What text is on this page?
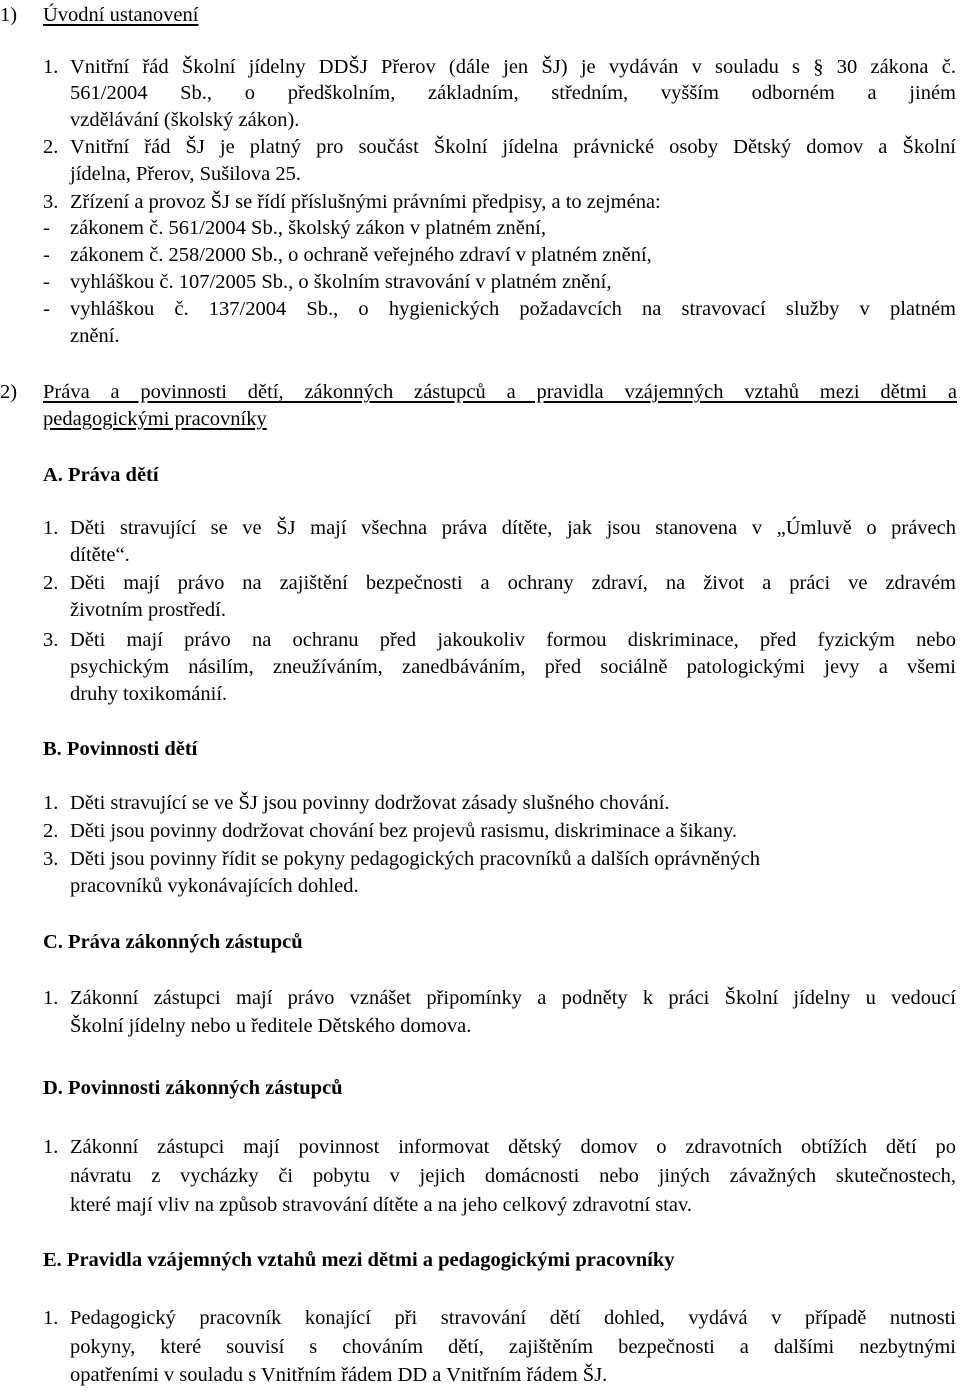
1) Úvodní ustanovení
1. Vnitřní řád Školní jídelny DDŠJ Přerov (dále jen ŠJ) je vydáván v souladu s § 30 zákona č.
561/2004 Sb., o předškolním, základním, středním, vyšším odborném a jiném
vzdělávání (školský zákon).
2. Vnitřní řád ŠJ je platný pro součást Školní jídelna právnické osoby Dětský domov a Školní
jídelna, Přerov, Sušilova 25.
3. Zřízení a provoz ŠJ se řídí příslušnými právními předpisy, a to zejména:
- zákonem č. 561/2004 Sb., školský zákon v platném znění,
- zákonem č. 258/2000 Sb., o ochraně veřejného zdraví v platném znění,
- vyhláškou č. 107/2005 Sb., o školním stravování v platném znění,
- vyhláškou č. 137/2004 Sb., o hygienických požadavcích na stravovací služby v platném
znění.
2) Práva a povinnosti dětí, zákonných zástupců a pravidla vzájemných vztahů mezi dětmi a
pedagogickými pracovníky
A. Práva dětí
1. Děti stravující se ve ŠJ mají všechna práva dítěte, jak jsou stanovena v „Úmluvě o právech
dítěte“.
2. Děti mají právo na zajištění bezpečnosti a ochrany zdraví, na život a práci ve zdravém
životním prostředí.
3. Děti mají právo na ochranu před jakoukoliv formou diskriminace, před fyzickým nebo
psychickým násilím, zneužíváním, zanedbáváním, před sociálně patologickými jevy a všemi
druhy toxikománií.
B. Povinnosti dětí
1. Děti stravující se ve ŠJ jsou povinny dodržovat zásady slušného chování.
2. Děti jsou povinny dodržovat chování bez projevů rasismu, diskriminace a šikany.
3. Děti jsou povinny řídit se pokyny pedagogických pracovníků a dalších oprávněných
pracovníků vykonávajících dohled.
C. Práva zákonných zástupců
1. Zákonní zástupci mají právo vznášet připomínky a podněty k práci Školní jídelny u vedoucí
Školní jídelny nebo u ředitele Dětského domova.
D. Povinnosti zákonných zástupců
1. Zákonní zástupci mají povinnost informovat dětský domov o zdravotních obtížích dětí po
návratu z vycházky či pobytu v jejich domácnosti nebo jiných závažných skutečnostech,
které mají vliv na způsob stravování dítěte a na jeho celkový zdravotní stav.
E. Pravidla vzájemných vztahů mezi dětmi a pedagogickými pracovníky
1. Pedagogický pracovník konající při stravování dětí dohled, vydává v případě nutnosti
pokyny, které souvisí s chováním dětí, zajištěním bezpečnosti a dalšími nezbytnými
opatřeními v souladu s Vnitřním řádem DD a Vnitřním řádem ŠJ.
